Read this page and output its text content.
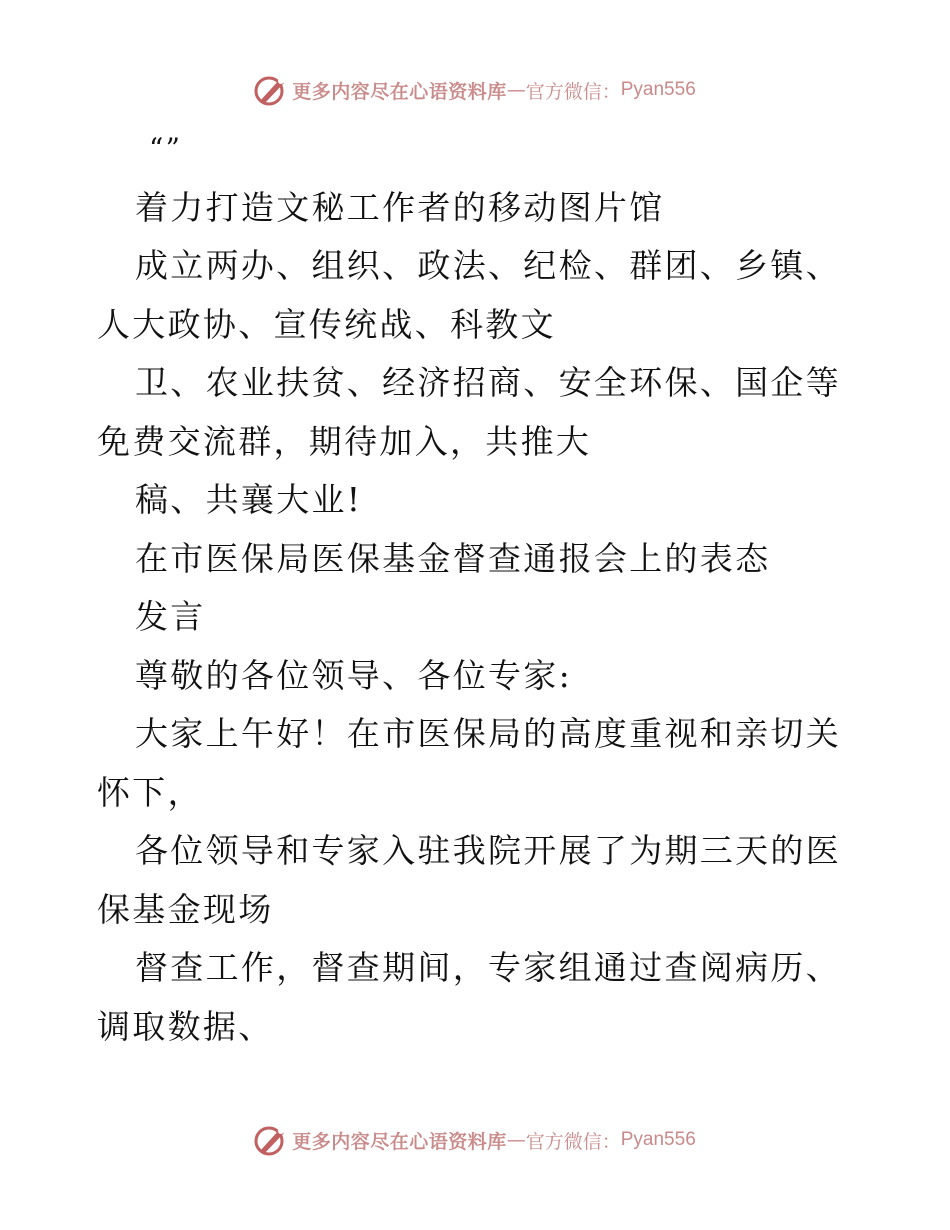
更多内容尽在心语资料库 — 官方微信： Pyan556

“”

着力打造文秘工作者的移动图片馆

成立两办、组织、政法、纪检、群团、乡镇、人大政协、宣传统战、科教文

卫、农业扶贫、经济招商、安全环保、国企等免费交流群，期待加入，共推大

稿、共襄大业!

在市医保局医保基金督查通报会上的表态

发言

尊敬的各位领导、各位专家:

大家上午好！在市医保局的高度重视和亲切关怀下，

各位领导和专家入驻我院开展了为期三天的医保基金现场

督查工作，督查期间，专家组通过查阅病历、调取数据、

更多内容尽在心语资料库 — 官方微信： Pyan556
